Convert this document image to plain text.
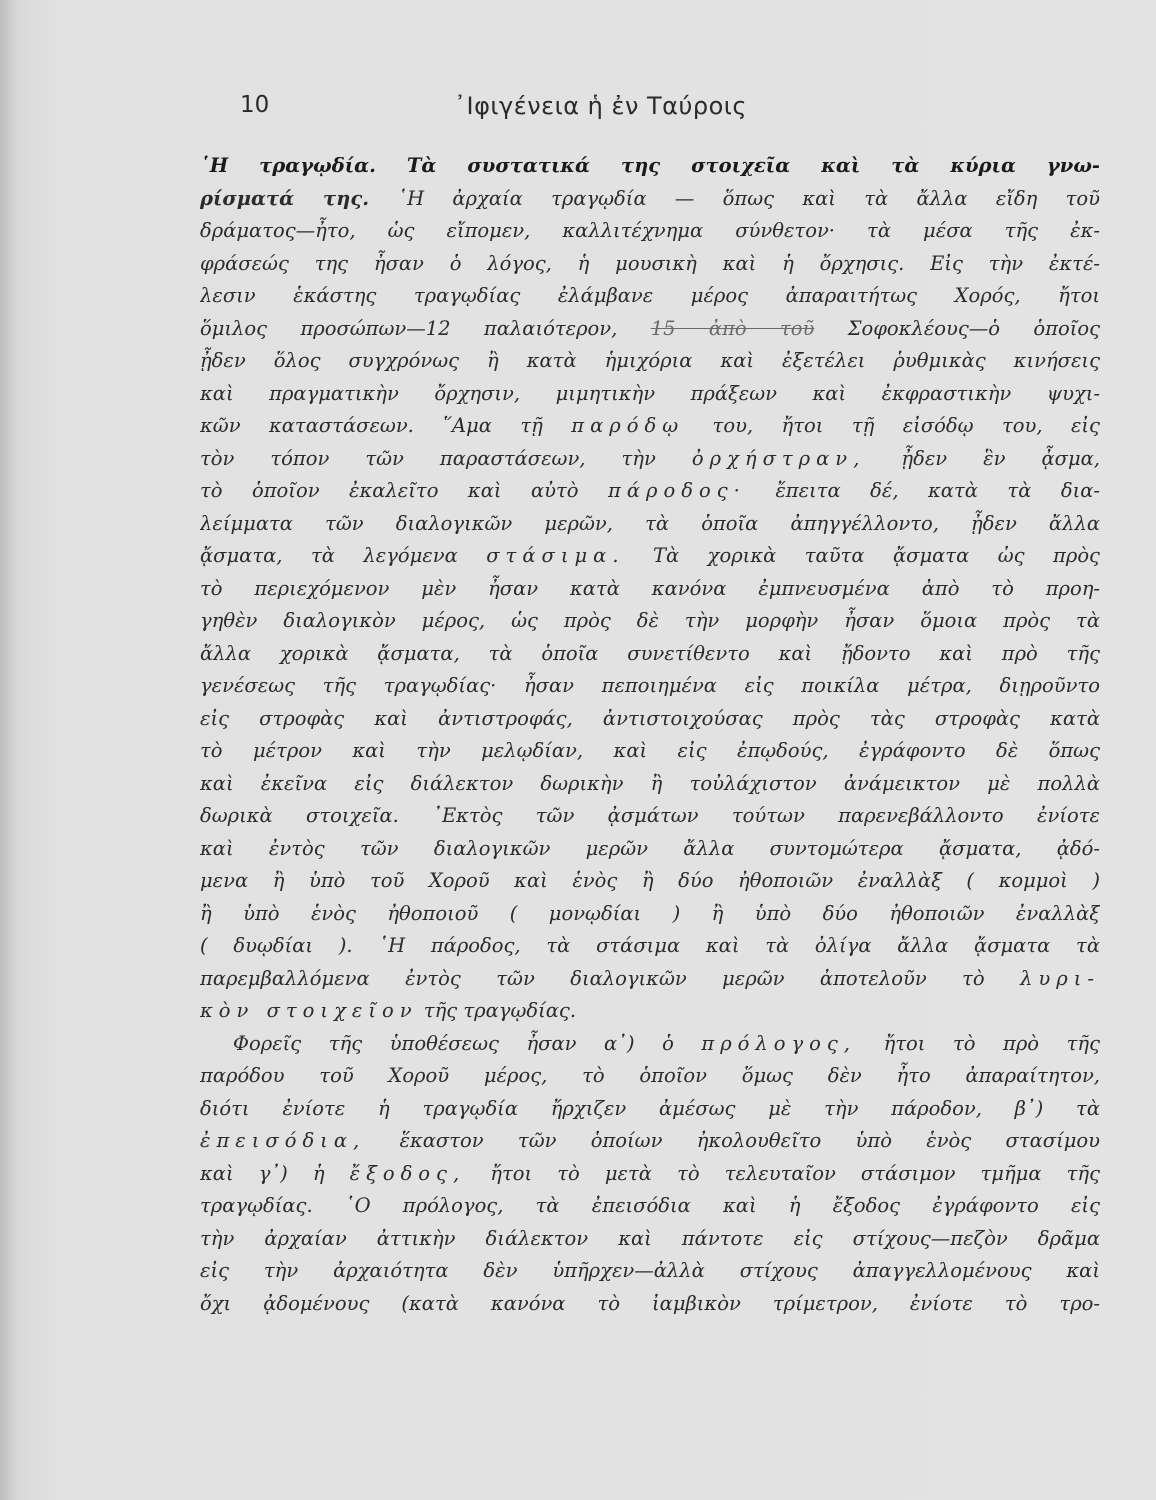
10	᾿Ιφιγένεια ἡ ἐν Ταύροις
῾Η τραγῳδία. Τὰ συστατικά της στοιχεῖα καὶ τὰ κύρια γνω-
ρίσματά της. ῾Η ἀρχαία τραγῳδία — ὅπως καὶ τὰ ἄλλα εἴδη τοῦ
δράματος—ἦτο, ὡς εἴπομεν, καλλιτέχνημα σύνθετον· τὰ μέσα τῆς ἐκ-
φράσεώς της ἦσαν ὁ λόγος, ἡ μουσικὴ καὶ ἡ ὄρχησις. Εἰς τὴν ἐκτέ-
λεσιν ἑκάστης τραγῳδίας ἐλάμβανε μέρος ἀπαραιτήτως Χορός, ἤτοι
ὅμιλος προσώπων—12 παλαιότερον, 15 ἀπὸ τοῦ Σοφοκλέους—ὁ ὁποῖος
ᾖδεν ὅλος συγχρόνως ἢ κατὰ ἡμιχόρια καὶ ἐξετέλει ῥυθμικὰς κινήσεις
καὶ πραγματικὴν ὄρχησιν, μιμητικὴν πράξεων καὶ ἐκφραστικὴν ψυχι-
κῶν καταστάσεων. ῞Αμα τῇ παρόδῳ του, ἤτοι τῇ εἰσόδῳ του, εἰς
τὸν τόπον τῶν παραστάσεων, τὴν ὀρχήστραν, ᾖδεν ἓν ᾆσμα,
τὸ ὁποῖον ἐκαλεῖτο καὶ αὐτὸ πάροδος· ἔπειτα δέ, κατὰ τὰ δια-
λείμματα τῶν διαλογικῶν μερῶν, τὰ ὁποῖα ἀπηγγέλλοντο, ᾖδεν ἄλλα
ᾄσματα, τὰ λεγόμενα στάσιμα. Τὰ χορικὰ ταῦτα ᾄσματα ὡς πρὸς
τὸ περιεχόμενον μὲν ἦσαν κατὰ κανόνα ἐμπνευσμένα ἀπὸ τὸ προη-
γηθὲν διαλογικὸν μέρος, ὡς πρὸς δὲ τὴν μορφὴν ἦσαν ὅμοια πρὸς τὰ
ἄλλα χορικὰ ᾄσματα, τὰ ὁποῖα συνετίθεντο καὶ ᾔδοντο καὶ πρὸ τῆς
γενέσεως τῆς τραγῳδίας· ἦσαν πεποιημένα εἰς ποικίλα μέτρα, διῃροῦντο
εἰς στροφὰς καὶ ἀντιστροφάς, ἀντιστοιχούσας πρὸς τὰς στροφὰς κατὰ
τὸ μέτρον καὶ τὴν μελῳδίαν, καὶ εἰς ἐπῳδούς, ἐγράφοντο δὲ ὅπως
καὶ ἐκεῖνα εἰς διάλεκτον δωρικὴν ἢ τοὐλάχιστον ἀνάμεικτον μὲ πολλὰ
δωρικὰ στοιχεῖα. ᾿Εκτὸς τῶν ᾀσμάτων τούτων παρενεβάλλοντο ἐνίοτε
καὶ ἐντὸς τῶν διαλογικῶν μερῶν ἄλλα συντομώτερα ᾄσματα, ᾀδό-
μενα ἢ ὑπὸ τοῦ Χοροῦ καὶ ἑνὸς ἢ δύο ἠθοποιῶν ἐναλλὰξ ( κομμοὶ )
ἢ ὑπὸ ἑνὸς ἠθοποιοῦ ( μονῳδίαι ) ἢ ὑπὸ δύο ἠθοποιῶν ἐναλλὰξ
( δυῳδίαι ). ῾Η πάροδος, τὰ στάσιμα καὶ τὰ ὀλίγα ἄλλα ᾄσματα τὰ
παρεμβαλλόμενα ἐντὸς τῶν διαλογικῶν μερῶν ἀποτελοῦν τὸ λυρι-
κὸν στοιχεῖον τῆς τραγῳδίας.
Φορεῖς τῆς ὑποθέσεως ἦσαν α᾽) ὁ πρόλογος, ἤτοι τὸ πρὸ τῆς
παρόδου τοῦ Χοροῦ μέρος, τὸ ὁποῖον ὅμως δὲν ἦτο ἀπαραίτητον,
διότι ἐνίοτε ἡ τραγῳδία ἤρχιζεν ἀμέσως μὲ τὴν πάροδον, β᾽) τὰ
ἐπεισόδια, ἕκαστον τῶν ὁποίων ἠκολουθεῖτο ὑπὸ ἑνὸς στασίμου
καὶ γ᾽) ἡ ἔξοδος, ἤτοι τὸ μετὰ τὸ τελευταῖον στάσιμον τμῆμα τῆς
τραγῳδίας. ῾Ο πρόλογος, τὰ ἐπεισόδια καὶ ἡ ἔξοδος ἐγράφοντο εἰς
τὴν ἀρχαίαν ἀττικὴν διάλεκτον καὶ πάντοτε εἰς στίχους—πεζὸν δρᾶμα
εἰς τὴν ἀρχαιότητα δὲν ὑπῆρχεν—ἀλλὰ στίχους ἀπαγγελλομένους καὶ
ὄχι ᾀδομένους (κατὰ κανόνα τὸ ἰαμβικὸν τρίμετρον, ἐνίοτε τὸ τρο-
